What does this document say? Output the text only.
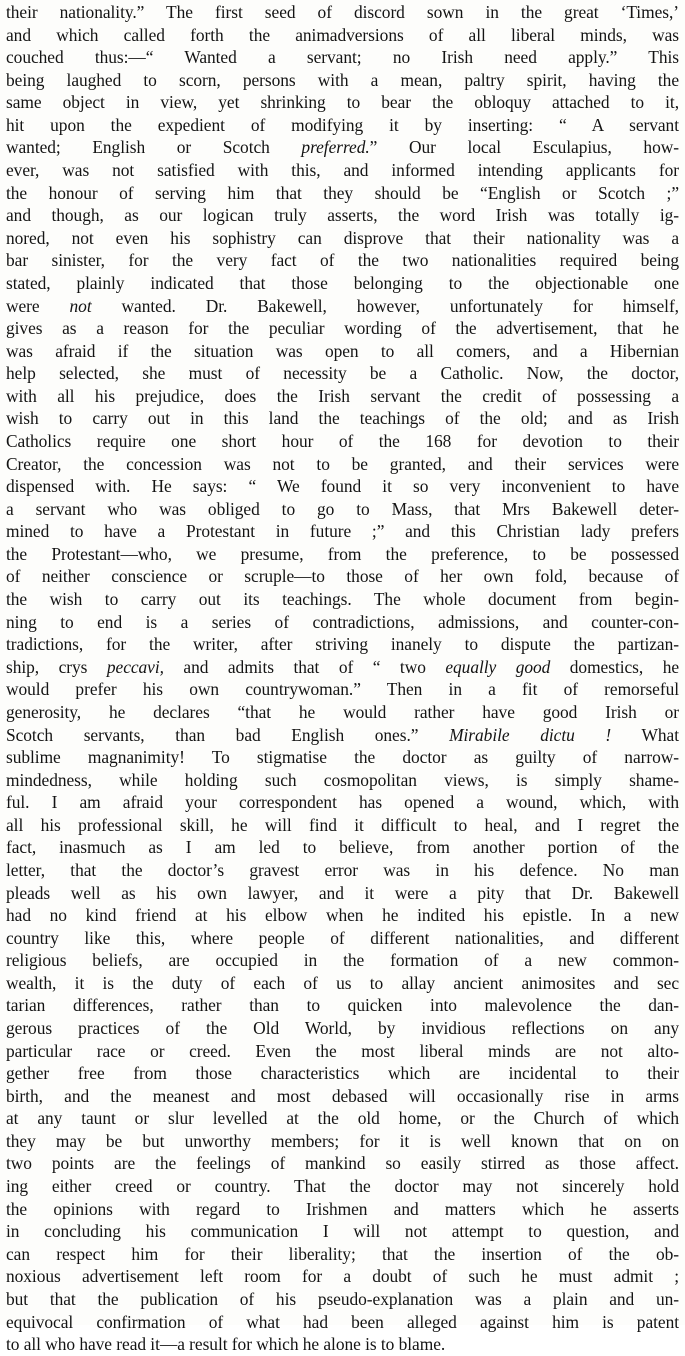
their nationality.” The first seed of discord sown in the great ‘Times,’
and which called forth the animadversions of all liberal minds, was
couched thus:—“ Wanted a servant; no Irish need apply.” This
being laughed to scorn, persons with a mean, paltry spirit, having the
same object in view, yet shrinking to bear the obloquy attached to it,
hit upon the expedient of modifying it by inserting: “ A servant
wanted; English or Scotch preferred.” Our local Esculapius, how-
ever, was not satisfied with this, and informed intending applicants for
the honour of serving him that they should be “English or Scotch ;”
and though, as our logican truly asserts, the word Irish was totally ig-
nored, not even his sophistry can disprove that their nationality was a
bar sinister, for the very fact of the two nationalities required being
stated, plainly indicated that those belonging to the objectionable one
were not wanted. Dr. Bakewell, however, unfortunately for himself,
gives as a reason for the peculiar wording of the advertisement, that he
was afraid if the situation was open to all comers, and a Hibernian
help selected, she must of necessity be a Catholic. Now, the doctor,
with all his prejudice, does the Irish servant the credit of possessing a
wish to carry out in this land the teachings of the old; and as Irish
Catholics require one short hour of the 168 for devotion to their
Creator, the concession was not to be granted, and their services were
dispensed with. He says: “ We found it so very inconvenient to have
a servant who was obliged to go to Mass, that Mrs Bakewell deter-
mined to have a Protestant in future ;” and this Christian lady prefers
the Protestant—who, we presume, from the preference, to be possessed
of neither conscience or scruple—to those of her own fold, because of
the wish to carry out its teachings. The whole document from begin-
ning to end is a series of contradictions, admissions, and counter-con-
tradictions, for the writer, after striving inanely to dispute the partizan-
ship, crys peccavi, and admits that of “ two equally good domestics, he
would prefer his own countrywoman.” Then in a fit of remorseful
generosity, he declares “that he would rather have good Irish or
Scotch servants, than bad English ones.” Mirabile dictu ! What
sublime magnanimity! To stigmatise the doctor as guilty of narrow-
mindedness, while holding such cosmopolitan views, is simply shame-
ful. I am afraid your correspondent has opened a wound, which, with
all his professional skill, he will find it difficult to heal, and I regret the
fact, inasmuch as I am led to believe, from another portion of the
letter, that the doctor’s gravest error was in his defence. No man
pleads well as his own lawyer, and it were a pity that Dr. Bakewell
had no kind friend at his elbow when he indited his epistle. In a new
country like this, where people of different nationalities, and different
religious beliefs, are occupied in the formation of a new common-
wealth, it is the duty of each of us to allay ancient animosites and sec
tarian differences, rather than to quicken into malevolence the dan-
gerous practices of the Old World, by invidious reflections on any
particular race or creed. Even the most liberal minds are not alto-
gether free from those characteristics which are incidental to their
birth, and the meanest and most debased will occasionally rise in arms
at any taunt or slur levelled at the old home, or the Church of which
they may be but unworthy members; for it is well known that on on
two points are the feelings of mankind so easily stirred as those affect.
ing either creed or country. That the doctor may not sincerely hold
the opinions with regard to Irishmen and matters which he asserts
in concluding his communication I will not attempt to question, and
can respect him for their liberality; that the insertion of the ob-
noxious advertisement left room for a doubt of such he must admit ;
but that the publication of his pseudo-explanation was a plain and un-
equivocal confirmation of what had been alleged against him is patent
to all who have read it—a result for which he alone is to blame.
